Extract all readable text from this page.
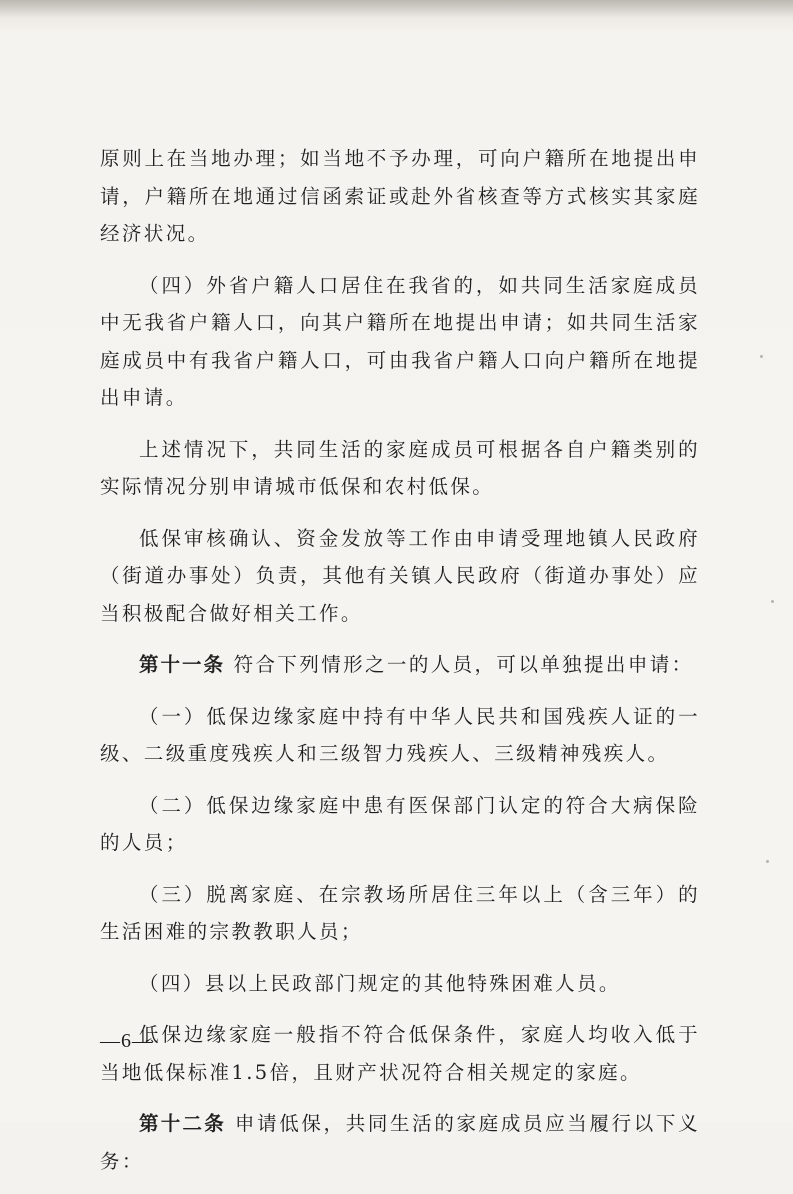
原则上在当地办理；如当地不予办理，可向户籍所在地提出申请，户籍所在地通过信函索证或赴外省核查等方式核实其家庭经济状况。

（四）外省户籍人口居住在我省的，如共同生活家庭成员中无我省户籍人口，向其户籍所在地提出申请；如共同生活家庭成员中有我省户籍人口，可由我省户籍人口向户籍所在地提出申请。

上述情况下，共同生活的家庭成员可根据各自户籍类别的实际情况分别申请城市低保和农村低保。

低保审核确认、资金发放等工作由申请受理地镇人民政府（街道办事处）负责，其他有关镇人民政府（街道办事处）应当积极配合做好相关工作。

第十一条 符合下列情形之一的人员，可以单独提出申请：

（一）低保边缘家庭中持有中华人民共和国残疾人证的一级、二级重度残疾人和三级智力残疾人、三级精神残疾人。

（二）低保边缘家庭中患有医保部门认定的符合大病保险的人员；

（三）脱离家庭、在宗教场所居住三年以上（含三年）的生活困难的宗教教职人员；

（四）县以上民政部门规定的其他特殊困难人员。

低保边缘家庭一般指不符合低保条件，家庭人均收入低于当地低保标准1.5倍，且财产状况符合相关规定的家庭。

第十二条 申请低保，共同生活的家庭成员应当履行以下义务：

—6—
